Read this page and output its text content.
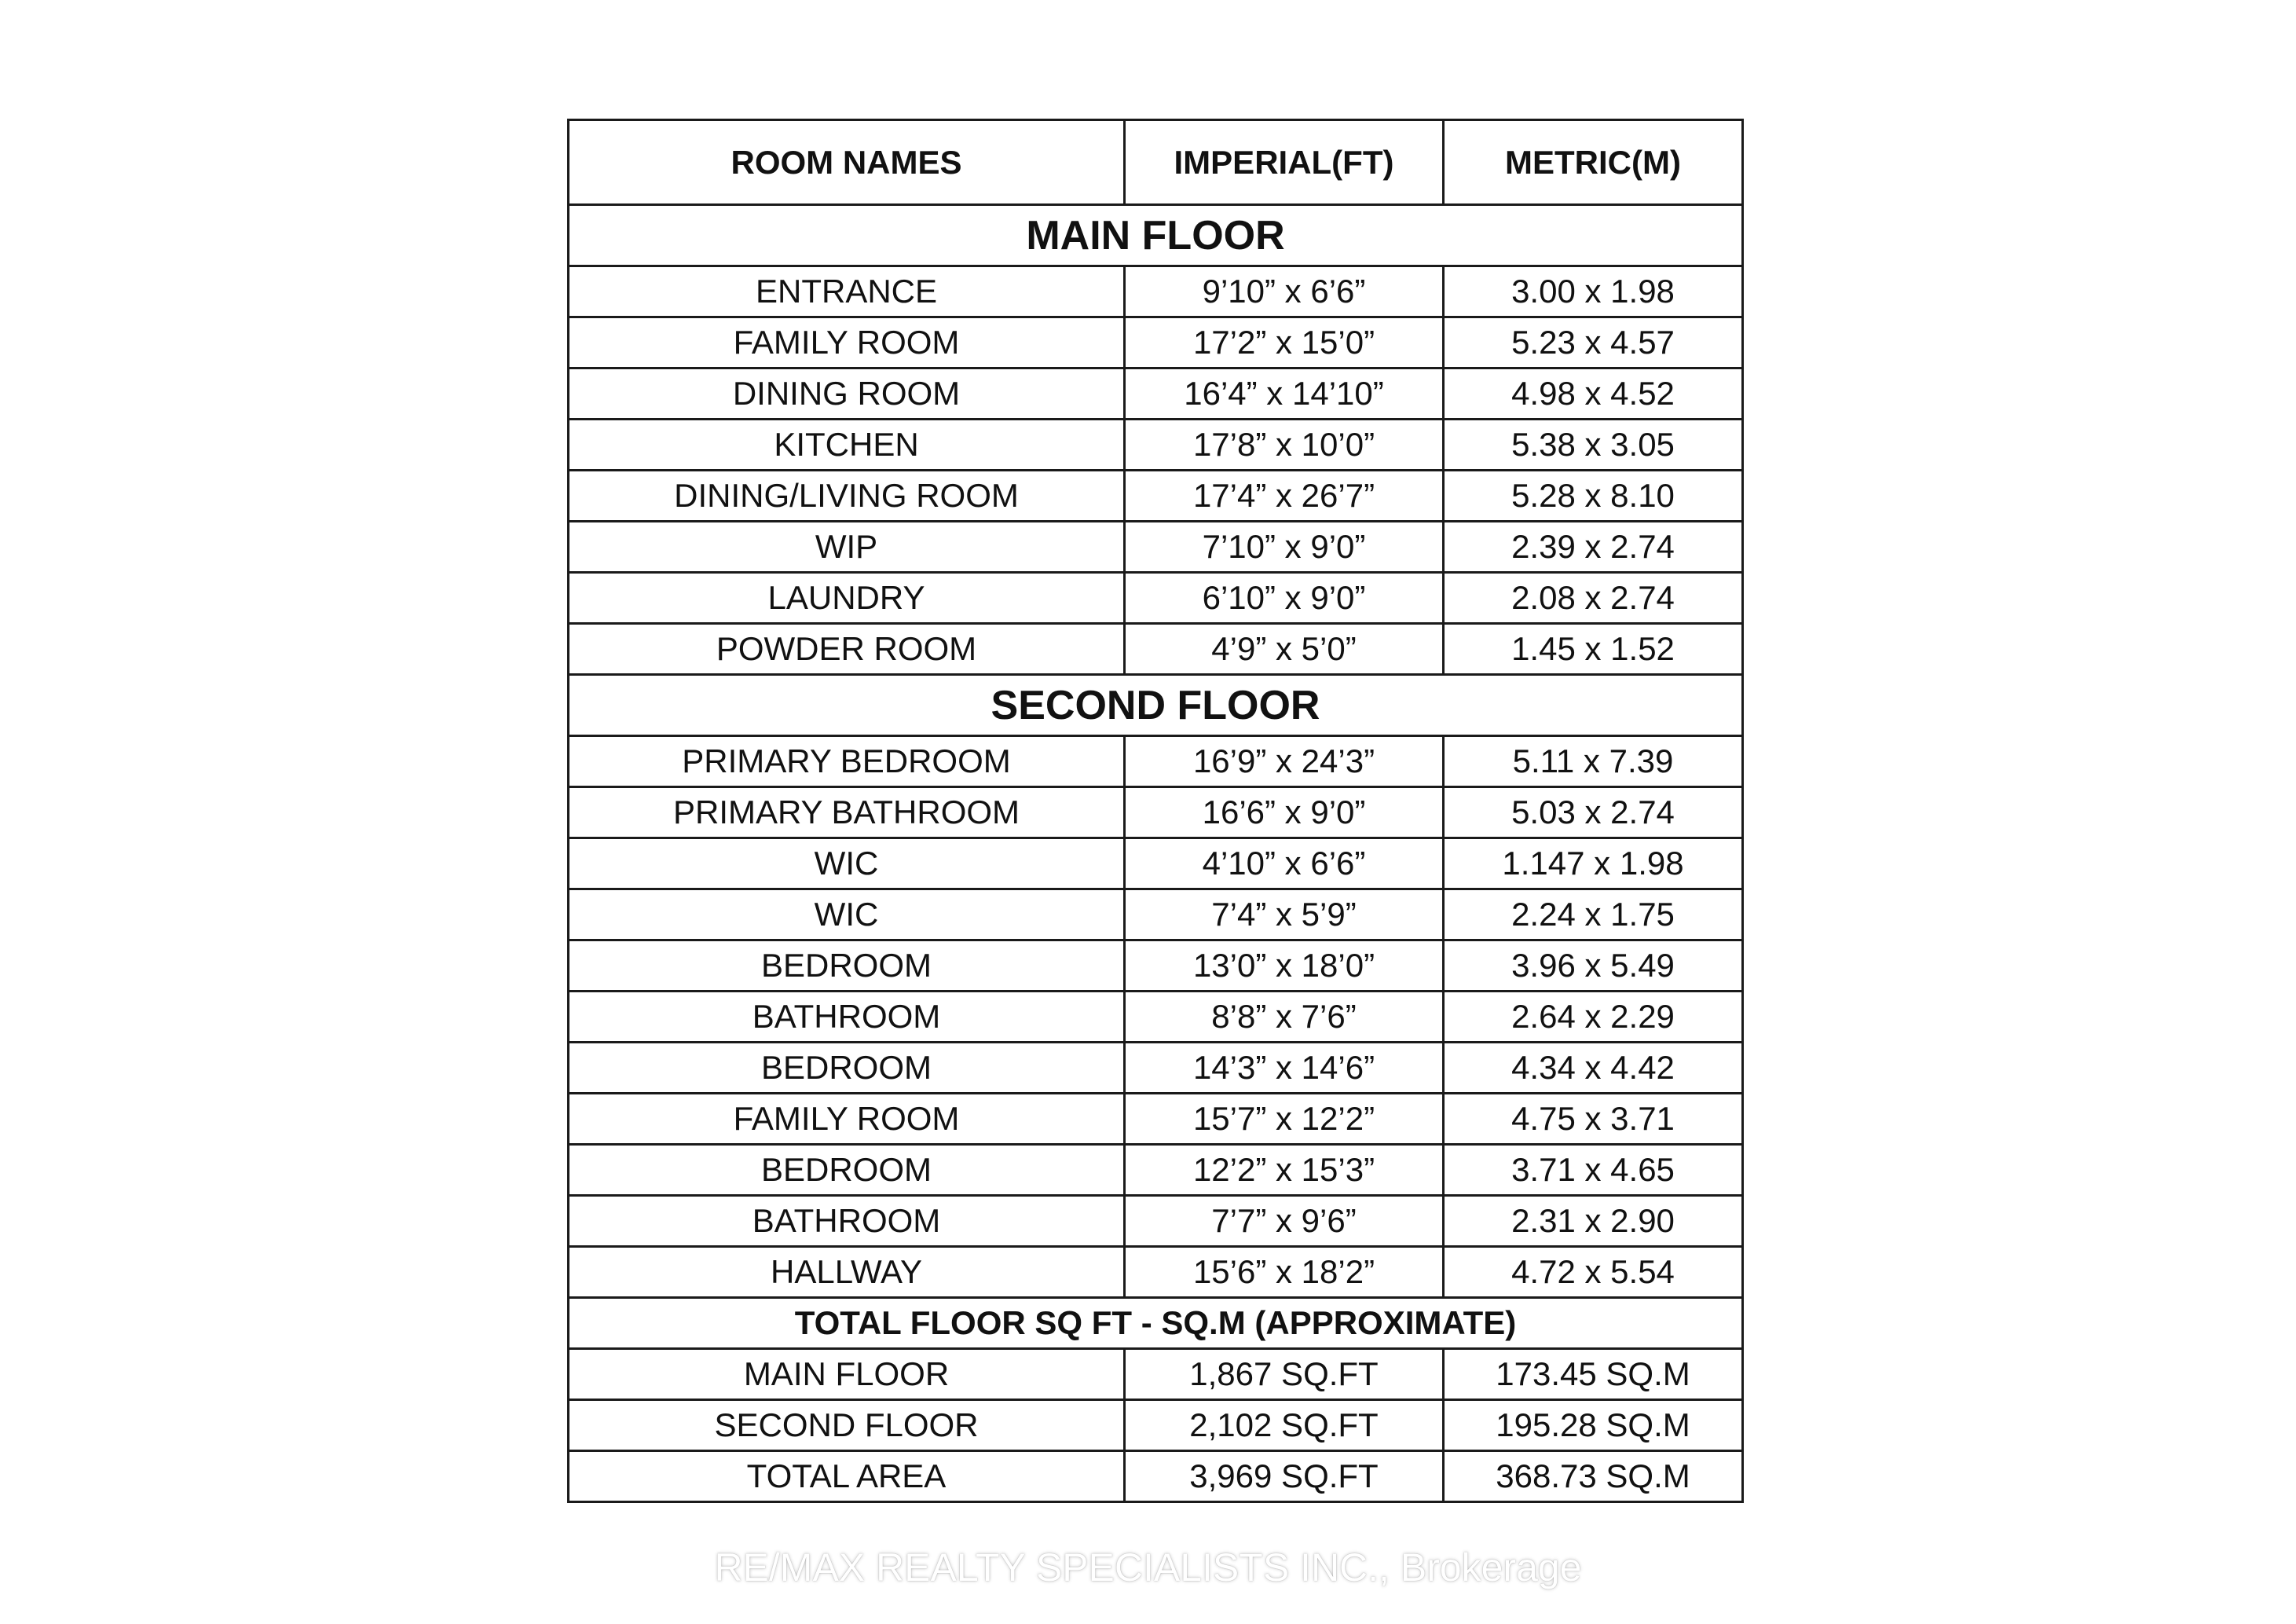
ROOM NAMES	IMPERIAL(FT)	METRIC(M)
MAIN FLOOR		
ENTRANCE	9’10” x 6’6”	3.00 x 1.98
FAMILY ROOM	17’2” x 15’0”	5.23 x 4.57
DINING ROOM	16’4” x 14’10”	4.98 x 4.52
KITCHEN	17’8” x 10’0”	5.38 x 3.05
DINING/LIVING ROOM	17’4” x 26’7”	5.28 x 8.10
WIP	7’10” x 9’0”	2.39 x 2.74
LAUNDRY	6’10” x 9’0”	2.08 x 2.74
POWDER ROOM	4’9” x 5’0”	1.45 x 1.52
SECOND FLOOR		
PRIMARY BEDROOM	16’9” x 24’3”	5.11 x 7.39
PRIMARY BATHROOM	16’6” x 9’0”	5.03 x 2.74
WIC	4’10” x 6’6”	1.147 x 1.98
WIC	7’4” x 5’9”	2.24 x 1.75
BEDROOM	13’0” x 18’0”	3.96 x 5.49
BATHROOM	8’8” x 7’6”	2.64 x 2.29
BEDROOM	14’3” x 14’6”	4.34 x 4.42
FAMILY ROOM	15’7” x 12’2”	4.75 x 3.71
BEDROOM	12’2” x 15’3”	3.71 x 4.65
BATHROOM	7’7” x 9’6”	2.31 x 2.90
HALLWAY	15’6” x 18’2”	4.72 x 5.54
TOTAL FLOOR SQ FT - SQ.M (APPROXIMATE)		
MAIN FLOOR	1,867 SQ.FT	173.45 SQ.M
SECOND FLOOR	2,102 SQ.FT	195.28 SQ.M
TOTAL AREA	3,969 SQ.FT	368.73 SQ.M
RE/MAX REALTY SPECIALISTS INC., Brokerage
